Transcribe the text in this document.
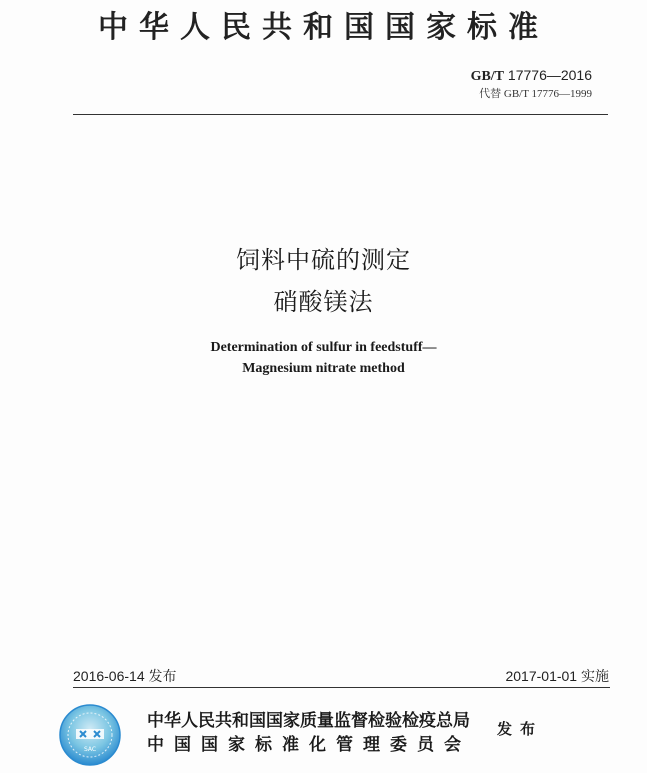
中华人民共和国国家标准
GB/T 17776—2016
代替 GB/T 17776—1999
饲料中硫的测定
硝酸镁法
Determination of sulfur in feedstuff—
Magnesium nitrate method
2016-06-14 发布	2017-01-01 实施
SAC
中华人民共和国国家质量监督检验检疫总局
中国国家标准化管理委员会
发布
